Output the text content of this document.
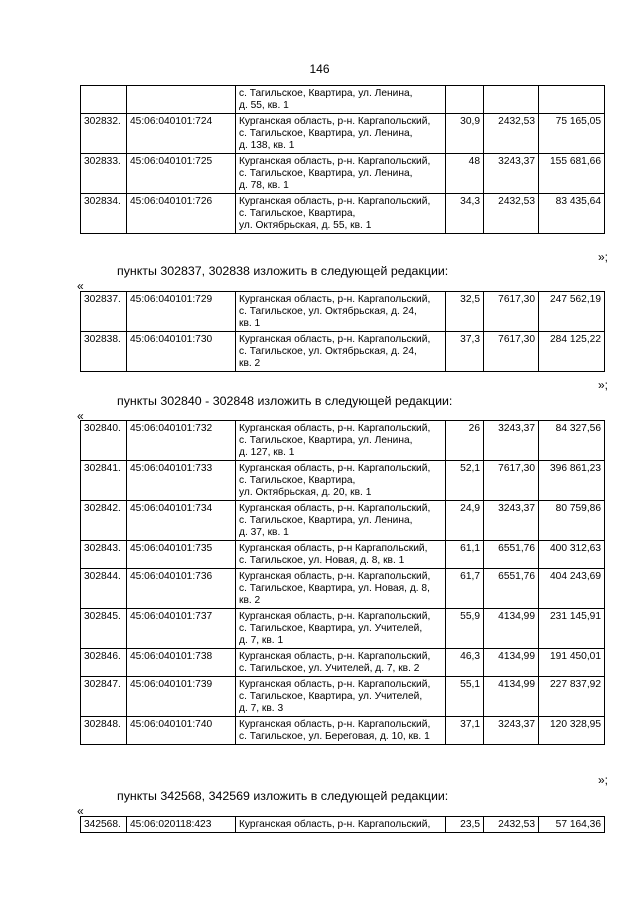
146

		с. Тагильское, Квартира, ул. Ленина,
д. 55, кв. 1			

302832.	45:06:040101:724	Курганская область, р-н. Каргапольский,
с. Тагильское, Квартира, ул. Ленина,
д. 138, кв. 1	30,9	2432,53	75 165,05
302833.	45:06:040101:725	Курганская область, р-н. Каргапольский,
с. Тагильское, Квартира, ул. Ленина,
д. 78, кв. 1	48	3243,37	155 681,66
302834.	45:06:040101:726	Курганская область, р-н. Каргапольский,
с. Тагильское, Квартира,
ул. Октябрьская, д. 55, кв. 1	34,3	2432,53	83 435,64
»;
пункты 302837, 302838 изложить в следующей редакции:
«
302837.	45:06:040101:729	Курганская область, р-н. Каргапольский,
с. Тагильское, ул. Октябрьская, д. 24,
кв. 1	32,5	7617,30	247 562,19
302838.	45:06:040101:730	Курганская область, р-н. Каргапольский,
с. Тагильское, ул. Октябрьская, д. 24,
кв. 2	37,3	7617,30	284 125,22
»;
пункты 302840 - 302848 изложить в следующей редакции:
«
302840.	45:06:040101:732	Курганская область, р-н. Каргапольский,
с. Тагильское, Квартира, ул. Ленина,
д. 127, кв. 1	26	3243,37	84 327,56
302841.	45:06:040101:733	Курганская область, р-н. Каргапольский,
с. Тагильское, Квартира,
ул. Октябрьская, д. 20, кв. 1	52,1	7617,30	396 861,23
302842.	45:06:040101:734	Курганская область, р-н. Каргапольский,
с. Тагильское, Квартира, ул. Ленина,
д. 37, кв. 1	24,9	3243,37	80 759,86
302843.	45:06:040101:735	Курганская область, р-н Каргапольский,
с. Тагильское, ул. Новая, д. 8, кв. 1	61,1	6551,76	400 312,63
302844.	45:06:040101:736	Курганская область, р-н. Каргапольский,
с. Тагильское, Квартира, ул. Новая, д. 8,
кв. 2	61,7	6551,76	404 243,69
302845.	45:06:040101:737	Курганская область, р-н. Каргапольский,
с. Тагильское, Квартира, ул. Учителей,
д. 7, кв. 1	55,9	4134,99	231 145,91
302846.	45:06:040101:738	Курганская область, р-н. Каргапольский,
с. Тагильское, ул. Учителей, д. 7, кв. 2	46,3	4134,99	191 450,01
302847.	45:06:040101:739	Курганская область, р-н. Каргапольский,
с. Тагильское, Квартира, ул. Учителей,
д. 7, кв. 3	55,1	4134,99	227 837,92
302848.	45:06:040101:740	Курганская область, р-н. Каргапольский,
с. Тагильское, ул. Береговая, д. 10, кв. 1	37,1	3243,37	120 328,95
»;
пункты 342568, 342569 изложить в следующей редакции:
«
342568.	45:06:020118:423	Курганская область, р-н. Каргапольский,	23,5	2432,53	57 164,36
